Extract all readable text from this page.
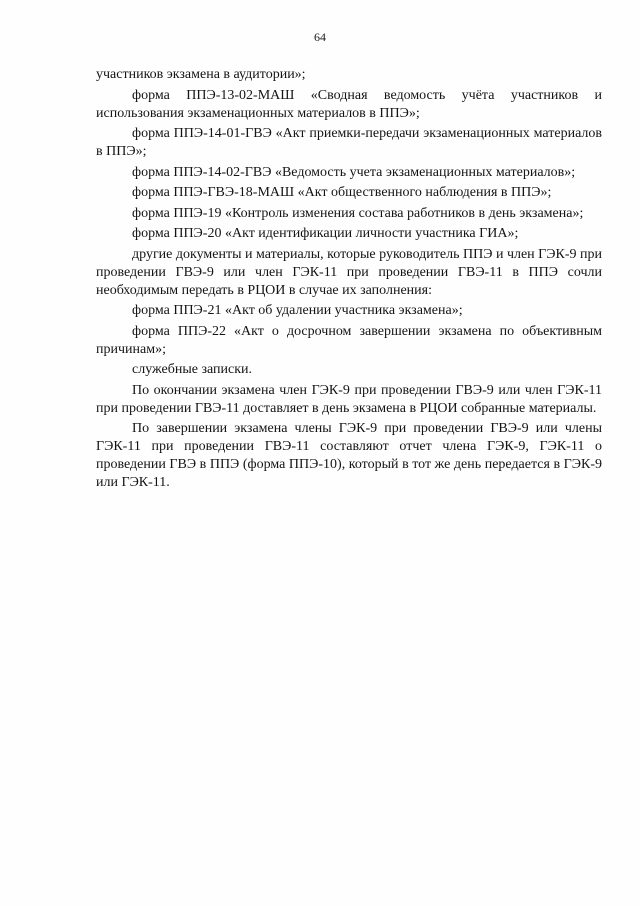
64

участников экзамена в аудитории»;

форма ППЭ-13-02-МАШ «Сводная ведомость учёта участников и использования экзаменационных материалов в ППЭ»;

форма ППЭ-14-01-ГВЭ «Акт приемки-передачи экзаменационных материалов в ППЭ»;

форма ППЭ-14-02-ГВЭ «Ведомость учета экзаменационных материалов»;

форма ППЭ-ГВЭ-18-МАШ «Акт общественного наблюдения в ППЭ»;

форма ППЭ-19 «Контроль изменения состава работников в день экзамена»;

форма ППЭ-20 «Акт идентификации личности участника ГИА»;

другие документы и материалы, которые руководитель ППЭ и член ГЭК-9 при проведении ГВЭ-9 или член ГЭК-11 при проведении ГВЭ-11 в ППЭ сочли необходимым передать в РЦОИ в случае их заполнения:

форма ППЭ-21 «Акт об удалении участника экзамена»;

форма ППЭ-22 «Акт о досрочном завершении экзамена по объективным причинам»;

служебные записки.

По окончании экзамена член ГЭК-9 при проведении ГВЭ-9 или член ГЭК-11 при проведении ГВЭ-11 доставляет в день экзамена в РЦОИ собранные материалы.

По завершении экзамена члены ГЭК-9 при проведении ГВЭ-9 или члены ГЭК-11 при проведении ГВЭ-11 составляют отчет члена ГЭК-9, ГЭК-11 о проведении ГВЭ в ППЭ (форма ППЭ-10), который в тот же день передается в ГЭК-9 или ГЭК-11.
